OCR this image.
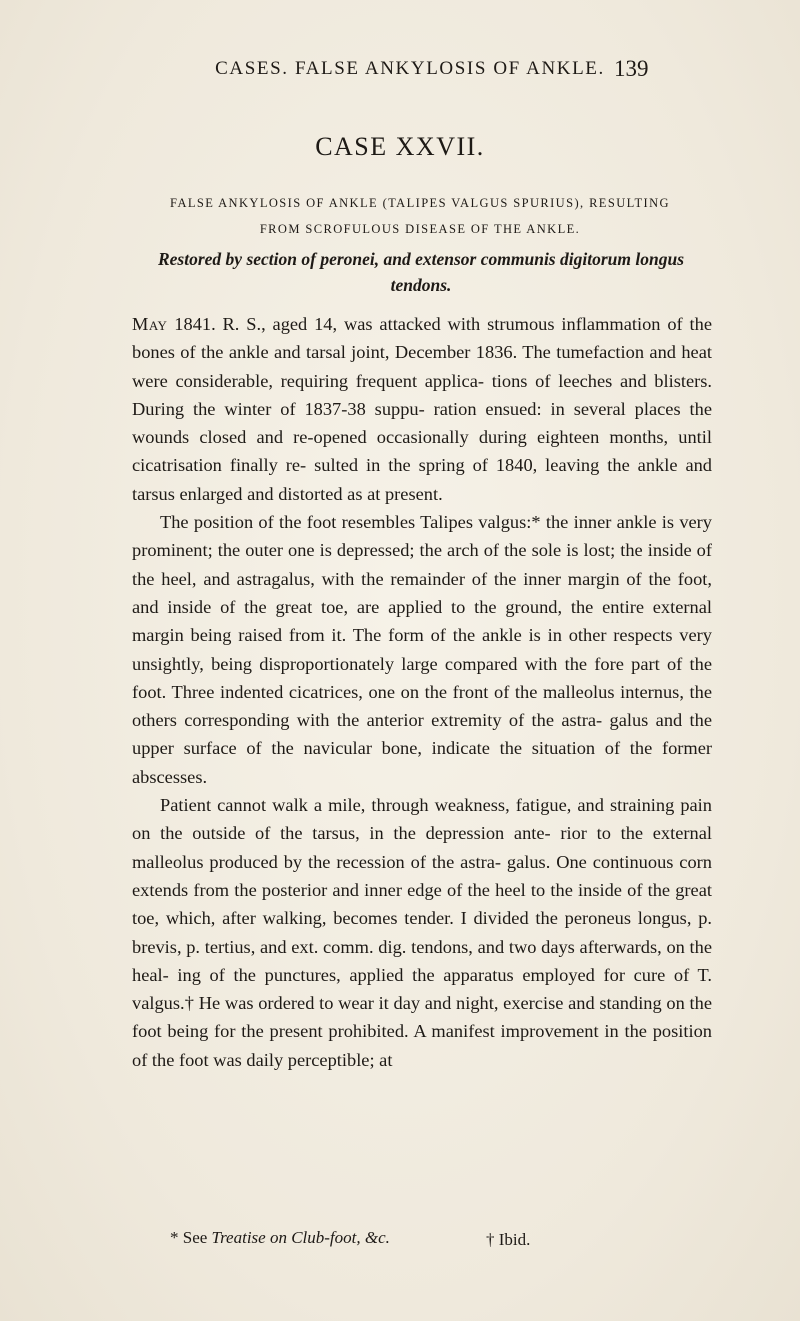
CASES. FALSE ANKYLOSIS OF ANKLE. 139
CASE XXVII.
FALSE ANKYLOSIS OF ANKLE (TALIPES VALGUS SPURIUS), RESULTING
FROM SCROFULOUS DISEASE OF THE ANKLE.
Restored by section of peronei, and extensor communis digitorum longus
tendons.

May 1841. R. S., aged 14, was attacked with strumous inflammation of the bones of the ankle and tarsal joint, December 1836. The tumefaction and heat were considerable, requiring frequent applica- tions of leeches and blisters. During the winter of 1837-38 suppu- ration ensued: in several places the wounds closed and re-opened occasionally during eighteen months, until cicatrisation finally re- sulted in the spring of 1840, leaving the ankle and tarsus enlarged and distorted as at present.

The position of the foot resembles Talipes valgus:* the inner ankle is very prominent; the outer one is depressed; the arch of the sole is lost; the inside of the heel, and astragalus, with the remainder of the inner margin of the foot, and inside of the great toe, are applied to the ground, the entire external margin being raised from it. The form of the ankle is in other respects very unsightly, being disproportionately large compared with the fore part of the foot. Three indented cicatrices, one on the front of the malleolus internus, the others corresponding with the anterior extremity of the astra- galus and the upper surface of the navicular bone, indicate the situation of the former abscesses.

Patient cannot walk a mile, through weakness, fatigue, and straining pain on the outside of the tarsus, in the depression ante- rior to the external malleolus produced by the recession of the astra- galus. One continuous corn extends from the posterior and inner edge of the heel to the inside of the great toe, which, after walking, becomes tender. I divided the peroneus longus, p. brevis, p. tertius, and ext. comm. dig. tendons, and two days afterwards, on the heal- ing of the punctures, applied the apparatus employed for cure of T. valgus.† He was ordered to wear it day and night, exercise and standing on the foot being for the present prohibited. A manifest improvement in the position of the foot was daily perceptible; at

* See Treatise on Club-foot, &c.	† Ibid.
